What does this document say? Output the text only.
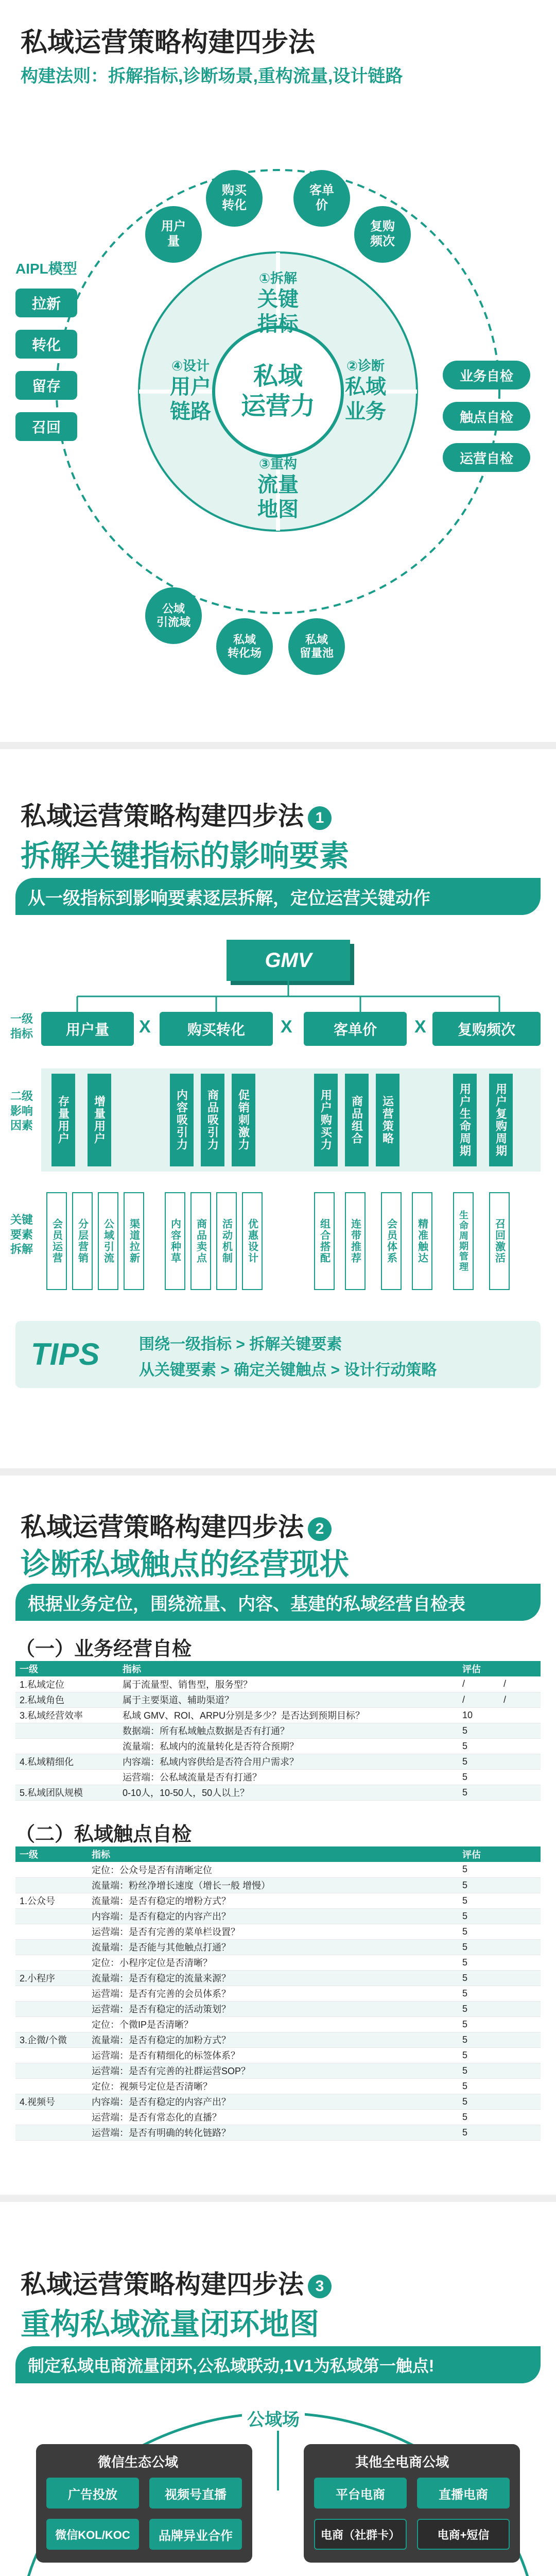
私域运营策略构建四步法
构建法则：拆解指标,诊断场景,重构流量,设计链路
私域
运营力
①拆解
关键
指标
②诊断
私域
业务
③重构
流量
地图
④设计
用户
链路
用户
量
购买
转化
客单
价
复购
频次
公域
引流域
私域
转化场
私域
留量池
业务自检
触点自检
运营自检
AIPL模型
拉新
转化
留存
召回
私域运营策略构建四步法 1
拆解关键指标的影响要素
从一级指标到影响要素逐层拆解，定位运营关键动作
GMV
一级
指标	用户量	X	购买转化	X	客单价	X	复购频次
二级
影响
因素	存量用户	增量用户	内容吸引力	商品吸引力	促销刺激力	用户购买力	商品组合	运营策略	用户生命周期	用户复购周期
关键
要素
拆解	会员运营	分层营销	公域引流	渠道拉新	内容种草	商品卖点	活动机制	优惠设计	组合搭配	连带推荐	会员体系	精准触达	生命周期管理	召回激活
TIPS	围绕一级指标 > 拆解关键要素
从关键要素 > 确定关键触点 > 设计行动策略
私域运营策略构建四步法 2
诊断私域触点的经营现状
根据业务定位，围绕流量、内容、基建的私域经营自检表
（一）业务经营自检
一级	指标		评估	
1.私域定位	属于流量型、销售型，服务型？		/	/
2.私域角色	属于主要渠道、辅助渠道？		/	/
3.私域经营效率	私域 GMV、ROI、ARPU分别是多少？是否达到预期目标？		10	
	数据端：所有私域触点数据是否有打通？		5	
	流量端：私域内的流量转化是否符合预期？		5	
4.私域精细化	内容端：私域内容供给是否符合用户需求？		5	
	运营端：公私域流量是否有打通？		5	
5.私域团队规模	0-10人，10-50人，50人以上？		5	
（二）私域触点自检
一级	指标		评估	
	定位：公众号是否有清晰定位		5	
	流量端：粉丝净增长速度（增长一般 增慢）		5	
1.公众号	流量端：是否有稳定的增粉方式？		5	
	内容端：是否有稳定的内容产出？		5	
	运营端：是否有完善的菜单栏设置？		5	
	流量端：是否能与其他触点打通？		5	
	定位：小程序定位是否清晰？		5	
2.小程序	流量端：是否有稳定的流量来源？		5	
	运营端：是否有完善的会员体系？		5	
	运营端：是否有稳定的活动策划？		5	
	定位：个微IP是否清晰？		5	
3.企微/个微	流量端：是否有稳定的加粉方式？		5	
	运营端：是否有精细化的标签体系？		5	
	运营端：是否有完善的社群运营SOP？		5	
	定位：视频号定位是否清晰？		5	
4.视频号	内容端：是否有稳定的内容产出？		5	
	运营端：是否有常态化的直播？		5	
	运营端：是否有明确的转化链路？		5	
私域运营策略构建四步法 3
重构私域流量闭环地图
制定私域电商流量闭环,公私域联动,1V1为私域第一触点!
公域场
微信生态公域
广告投放	视频号直播
微信KOL/KOC	品牌异业合作
其他全电商公域
平台电商	直播电商
电商（社群卡）	电商+短信
